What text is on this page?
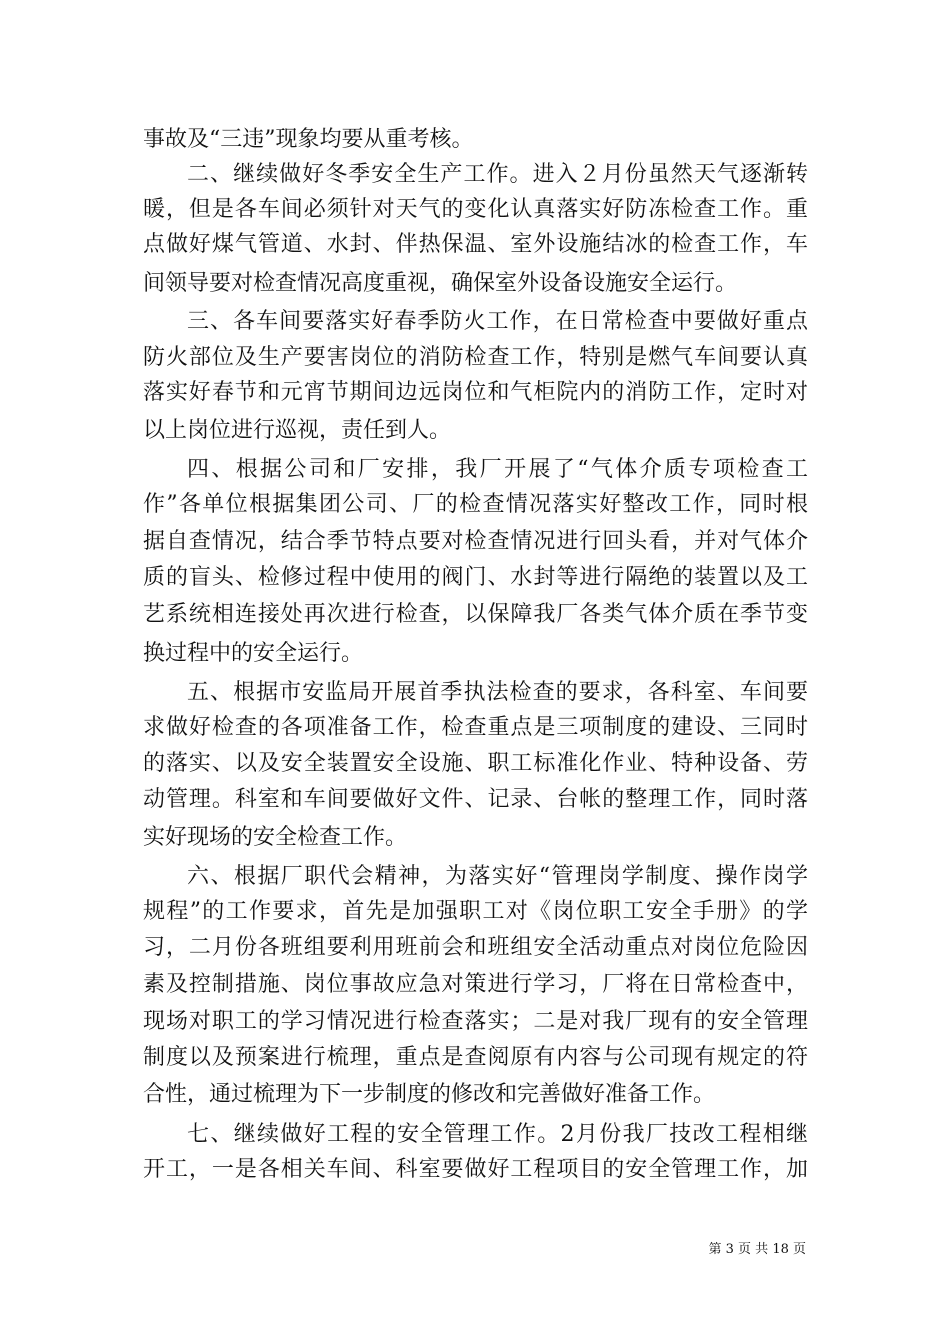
事故及“三违”现象均要从重考核。
二、继续做好冬季安全生产工作。进入２月份虽然天气逐渐转
暖，但是各车间必须针对天气的变化认真落实好防冻检查工作。重
点做好煤气管道、水封、伴热保温、室外设施结冰的检查工作，车
间领导要对检查情况高度重视，确保室外设备设施安全运行。
三、各车间要落实好春季防火工作，在日常检查中要做好重点
防火部位及生产要害岗位的消防检查工作，特别是燃气车间要认真
落实好春节和元宵节期间边远岗位和气柜院内的消防工作，定时对
以上岗位进行巡视，责任到人。
四、根据公司和厂安排，我厂开展了“气体介质专项检查工
作”各单位根据集团公司、厂的检查情况落实好整改工作，同时根
据自查情况，结合季节特点要对检查情况进行回头看，并对气体介
质的盲头、检修过程中使用的阀门、水封等进行隔绝的装置以及工
艺系统相连接处再次进行检查，以保障我厂各类气体介质在季节变
换过程中的安全运行。
五、根据市安监局开展首季执法检查的要求，各科室、车间要
求做好检查的各项准备工作，检查重点是三项制度的建设、三同时
的落实、以及安全装置安全设施、职工标准化作业、特种设备、劳
动管理。科室和车间要做好文件、记录、台帐的整理工作，同时落
实好现场的安全检查工作。
六、根据厂职代会精神，为落实好“管理岗学制度、操作岗学
规程”的工作要求，首先是加强职工对《岗位职工安全手册》的学
习，二月份各班组要利用班前会和班组安全活动重点对岗位危险因
素及控制措施、岗位事故应急对策进行学习，厂将在日常检查中，
现场对职工的学习情况进行检查落实；二是对我厂现有的安全管理
制度以及预案进行梳理，重点是查阅原有内容与公司现有规定的符
合性，通过梳理为下一步制度的修改和完善做好准备工作。
七、继续做好工程的安全管理工作。2月份我厂技改工程相继
开工，一是各相关车间、科室要做好工程项目的安全管理工作，加
第 3 页 共 18 页
